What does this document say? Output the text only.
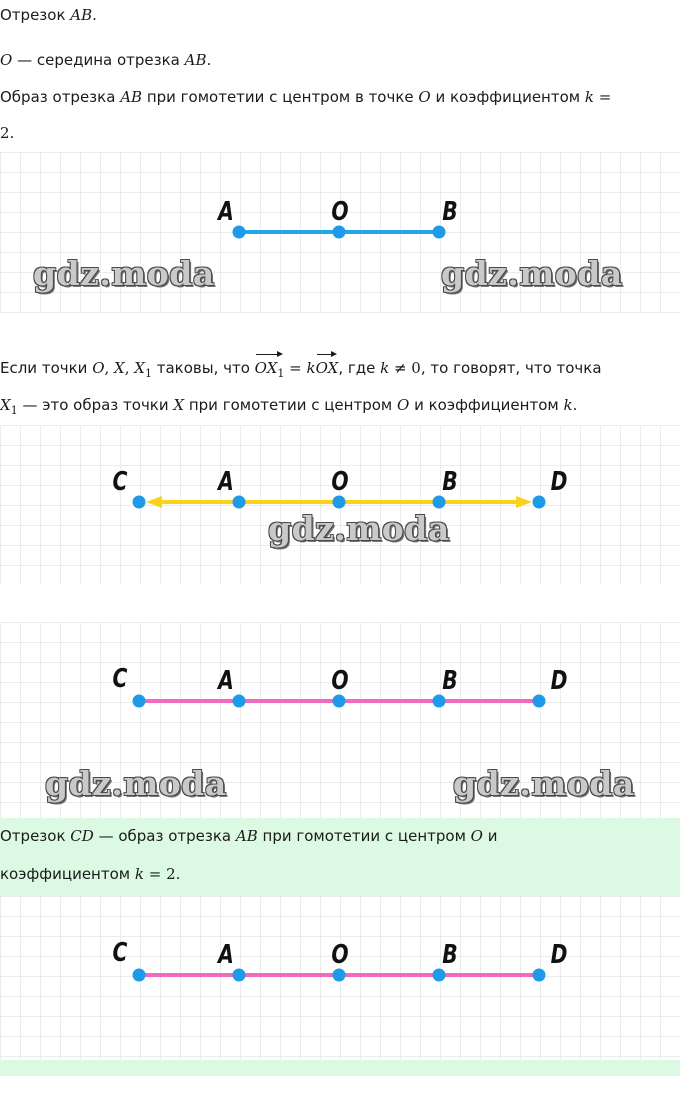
Отрезок AB.
O — середина отрезка AB.
Образ отрезка AB при гомотетии с центром в точке O и коэффициентом k =
2.
A	O	B
gdz.moda	gdz.moda
Если точки O, X, $X_1$ таковы, что $OX_1$ = kOX, где k ≠ 0, то говорят, что точка
$X_1$ — это образ точки X при гомотетии с центром O и коэффициентом k.
C	A	O	B	D
gdz.moda
C	A	O	B	D
gdz.moda	gdz.moda
Отрезок CD — образ отрезка AB при гомотетии с центром O и
коэффициентом k = 2.
C	A	O	B	D
